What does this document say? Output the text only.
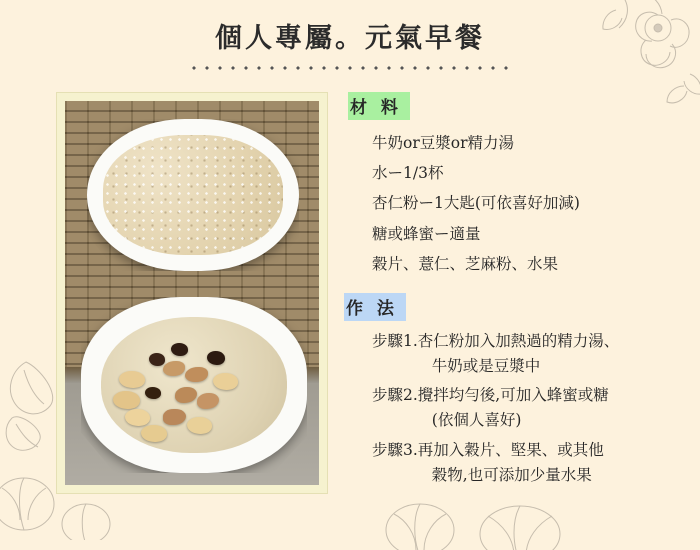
個人專屬。元氣早餐
材 料
牛奶or豆漿or精力湯
水ー1/3杯
杏仁粉ー1大匙(可依喜好加減)
糖或蜂蜜ー適量
穀片、薏仁、芝麻粉、水果
作 法
步驟1. 杏仁粉加入加熱過的精力湯、
牛奶或是豆漿中
步驟2. 攪拌均勻後,可加入蜂蜜或糖
(依個人喜好)
步驟3. 再加入穀片、堅果、或其他
穀物,也可添加少量水果
